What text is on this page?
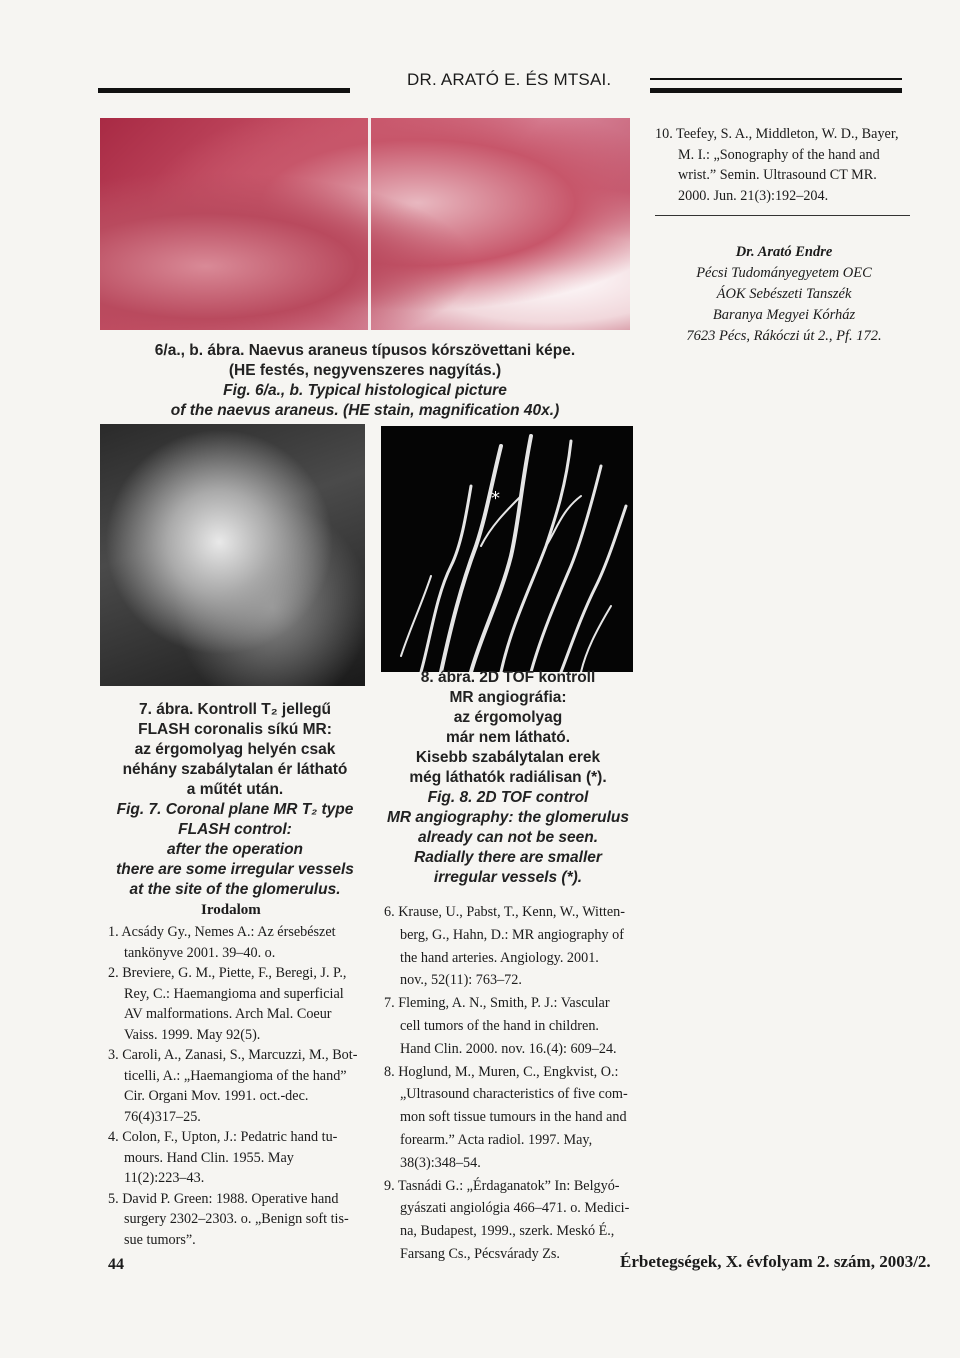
DR. ARATÓ E. ÉS MTSAI.
10. Teefey, S. A., Middleton, W. D., Bayer,
M. I.: „Sonography of the hand and
wrist.” Semin. Ultrasound CT MR.
2000. Jun. 21(3):192–204.
Dr. Arató Endre
Pécsi Tudományegyetem OEC
ÁOK Sebészeti Tanszék
Baranya Megyei Kórház
7623 Pécs, Rákóczi út 2., Pf. 172.
6/a., b. ábra. Naevus araneus típusos kórszövettani képe.
(HE festés, negyvenszeres nagyítás.)
Fig. 6/a., b. Typical histological picture
of the naevus araneus. (HE stain, magnification 40x.)
*
7. ábra. Kontroll T₂ jellegű
FLASH coronalis síkú MR:
az érgomolyag helyén csak
néhány szabálytalan ér látható
a műtét után.
Fig. 7. Coronal plane MR T₂ type
FLASH control:
after the operation
there are some irregular vessels
at the site of the glomerulus.
8. ábra. 2D TOF kontroll
MR angiográfia:
az érgomolyag
már nem látható.
Kisebb szabálytalan erek
még láthatók radiálisan (*).
Fig. 8. 2D TOF control
MR angiography: the glomerulus
already can not be seen.
Radially there are smaller
irregular vessels (*).
Irodalom
1. Acsády Gy., Nemes A.: Az érsebészet
tankönyve 2001. 39–40. o.
2. Breviere, G. M., Piette, F., Beregi, J. P.,
Rey, C.: Haemangioma and superficial
AV malformations. Arch Mal. Coeur
Vaiss. 1999. May 92(5).
3. Caroli, A., Zanasi, S., Marcuzzi, M., Bot-
ticelli, A.: „Haemangioma of the hand”
Cir. Organi Mov. 1991. oct.-dec.
76(4)317–25.
4. Colon, F., Upton, J.: Pedatric hand tu-
mours. Hand Clin. 1955. May
11(2):223–43.
5. David P. Green: 1988. Operative hand
surgery 2302–2303. o. „Benign soft tis-
sue tumors”.
6. Krause, U., Pabst, T., Kenn, W., Witten-
berg, G., Hahn, D.: MR angiography of
the hand arteries. Angiology. 2001.
nov., 52(11): 763–72.
7. Fleming, A. N., Smith, P. J.: Vascular
cell tumors of the hand in children.
Hand Clin. 2000. nov. 16.(4): 609–24.
8. Hoglund, M., Muren, C., Engkvist, O.:
„Ultrasound characteristics of five com-
mon soft tissue tumours in the hand and
forearm.” Acta radiol. 1997. May,
38(3):348–54.
9. Tasnádi G.: „Érdaganatok” In: Belgyó-
gyászati angiológia 466–471. o. Medici-
na, Budapest, 1999., szerk. Meskó É.,
Farsang Cs., Pécsvárady Zs.
44	Érbetegségek, X. évfolyam 2. szám, 2003/2.
